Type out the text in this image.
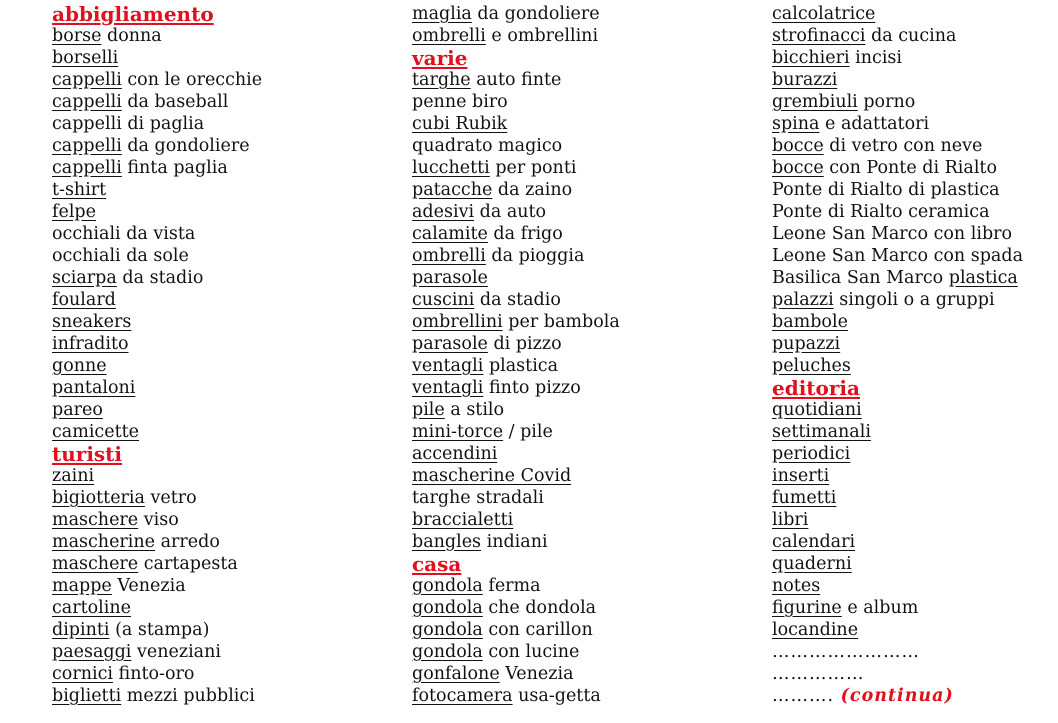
abbigliamento
borse donna
borselli
cappelli con le orecchie
cappelli da baseball
cappelli di paglia
cappelli da gondoliere
cappelli finta paglia
t-shirt
felpe
occhiali da vista
occhiali da sole
sciarpa da stadio
foulard
sneakers
infradito
gonne
pantaloni
pareo
camicette
turisti
zaini
bigiotteria vetro
maschere viso
mascherine arredo
maschere cartapesta
mappe Venezia
cartoline
dipinti (a stampa)
paesaggi veneziani
cornici finto-oro
biglietti mezzi pubblici
maglia da gondoliere
ombrelli e ombrellini
varie
targhe auto finte
penne biro
cubi Rubik
quadrato magico
lucchetti per ponti
patacche da zaino
adesivi da auto
calamite da frigo
ombrelli da pioggia
parasole
cuscini da stadio
ombrellini per bambola
parasole di pizzo
ventagli plastica
ventagli finto pizzo
pile a stilo
mini-torce / pile
accendini
mascherine Covid
targhe stradali
braccialetti
bangles indiani
casa
gondola ferma
gondola che dondola
gondola con carillon
gondola con lucine
gonfalone Venezia
fotocamera usa-getta
calcolatrice
strofinacci da cucina
bicchieri incisi
burazzi
grembiuli porno
spina e adattatori
bocce di vetro con neve
bocce con Ponte di Rialto
Ponte di Rialto di plastica
Ponte di Rialto ceramica
Leone San Marco con libro
Leone San Marco con spada
Basilica San Marco plastica
palazzi singoli o a gruppi
bambole
pupazzi
peluches
editoria
quotidiani
settimanali
periodici
inserti
fumetti
libri
calendari
quaderni
notes
figurine e album
locandine
……………………
……………
………. (continua)
